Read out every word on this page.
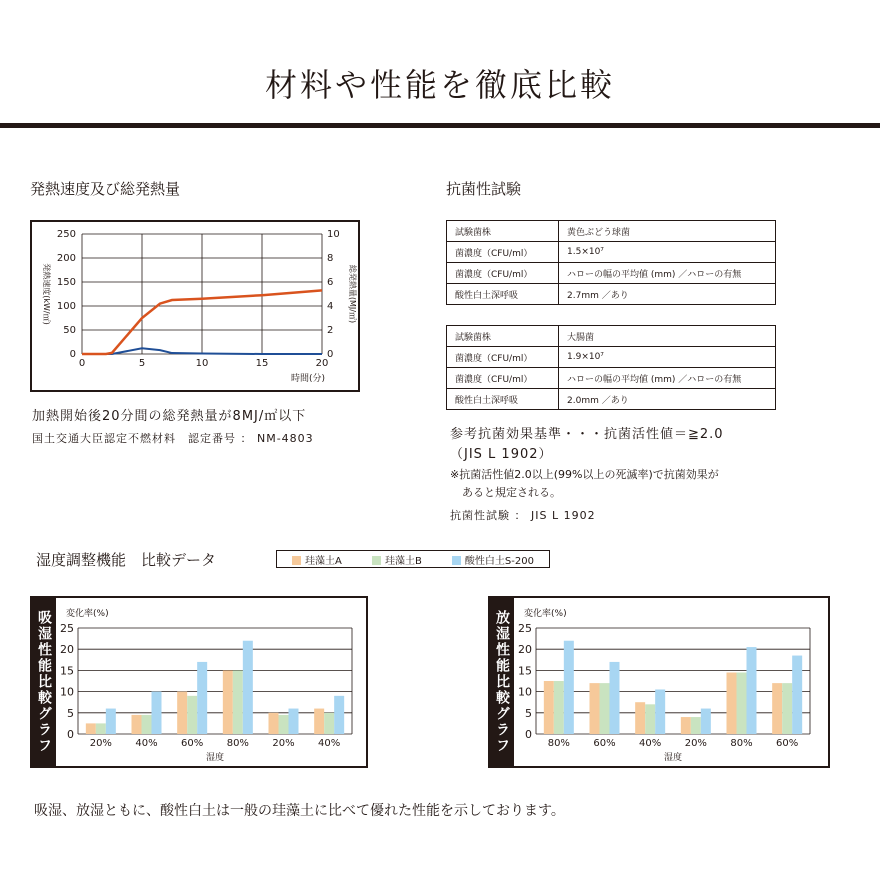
材料や性能を徹底比較
発熱速度及び総発熱量
0
50
100
150
200
250
0	5	10	15	20
0
2
4
6
8
10
発熱速度(kW/㎡)	総発熱量(MJ/㎡)
時間(分)
加熱開始後20分間の総発熱量が8MJ/㎡以下
国土交通大臣認定不燃材料　認定番号 ： NM-4803
抗菌性試験
試験菌株	黄色ぶどう球菌
菌濃度（CFU/ml）	1.5×10⁷
菌濃度（CFU/ml）	ハローの幅の平均値 (mm) ／ハローの有無
酸性白土深呼吸	2.7mm ／あり
試験菌株	大腸菌
菌濃度（CFU/ml）	1.9×10⁷
菌濃度（CFU/ml）	ハローの幅の平均値 (mm) ／ハローの有無
酸性白土深呼吸	2.0mm ／あり
参考抗菌効果基準・・・抗菌活性値＝≧2.0
（JIS L 1902）
※抗菌活性値2.0以上(99%以上の死滅率)で抗菌効果が
あると規定される。
抗菌性試験 ： JIS L 1902
湿度調整機能　比較データ	珪藻土A	珪藻土B	酸性白土S-200
吸湿性能比較グラフ 変化率(%)
0
5
10
15
20
25
20% 40% 60% 80% 20% 40%
湿度
放湿性能比較グラフ 変化率(%)
0
5
10
15
20
25
80% 60% 40% 20% 80% 60%
湿度
吸湿、放湿ともに、酸性白土は一般の珪藻土に比べて優れた性能を示しております。
